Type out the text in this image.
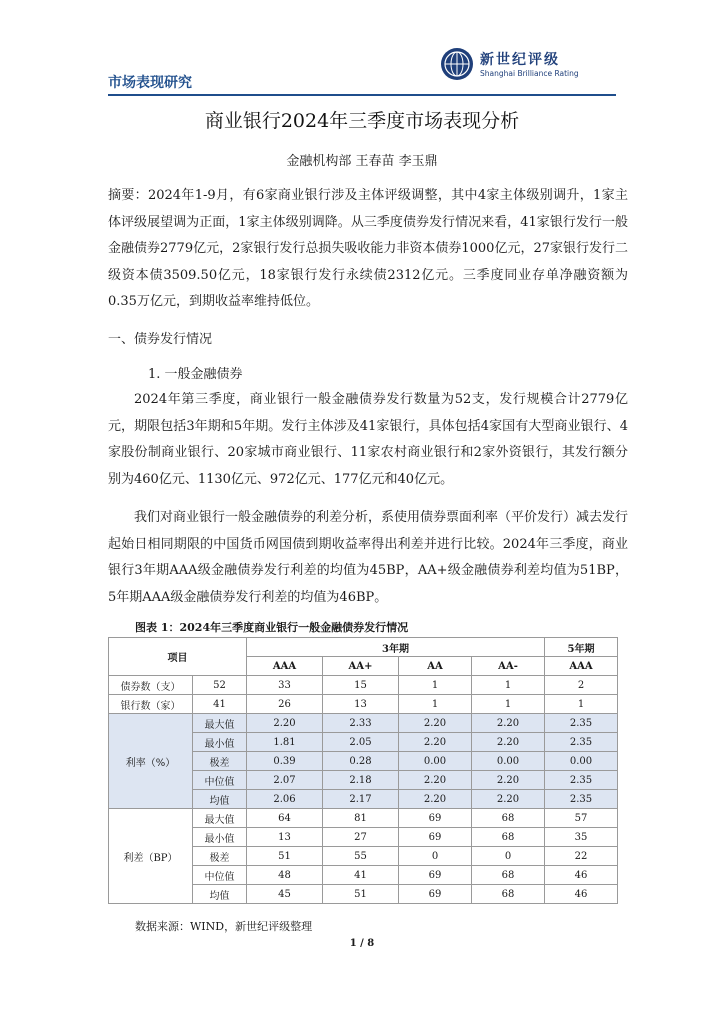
市场表现研究
新世纪评级
Shanghai Brilliance Rating
商业银行2024年三季度市场表现分析
金融机构部 王春苗 李玉鼎
摘要：2024年1-9月，有6家商业银行涉及主体评级调整，其中4家主体级别调升，1家主体评级展望调为正面，1家主体级别调降。从三季度债券发行情况来看，41家银行发行一般金融债券2779亿元，2家银行发行总损失吸收能力非资本债券1000亿元，27家银行发行二级资本债3509.50亿元，18家银行发行永续债2312亿元。三季度同业存单净融资额为0.35万亿元，到期收益率维持低位。
一、债券发行情况
1. 一般金融债券
2024年第三季度，商业银行一般金融债券发行数量为52支，发行规模合计2779亿元，期限包括3年期和5年期。发行主体涉及41家银行，具体包括4家国有大型商业银行、4家股份制商业银行、20家城市商业银行、11家农村商业银行和2家外资银行，其发行额分别为460亿元、1130亿元、972亿元、177亿元和40亿元。
我们对商业银行一般金融债券的利差分析，系使用债券票面利率（平价发行）减去发行起始日相同期限的中国货币网国债到期收益率得出利差并进行比较。2024年三季度，商业银行3年期AAA级金融债券发行利差的均值为45BP，AA+级金融债券利差均值为51BP，5年期AAA级金融债券发行利差的均值为46BP。
图表 1：2024年三季度商业银行一般金融债券发行情况
项目		3年期				5年期
		AAA	AA+	AA	AA-	AAA
债券数（支）	52	33	15	1	1	2
银行数（家）	41	26	13	1	1	1
利率（%）	最大值	2.20	2.33	2.20	2.20	2.35
	最小值	1.81	2.05	2.20	2.20	2.35
	极差	0.39	0.28	0.00	0.00	0.00
	中位值	2.07	2.18	2.20	2.20	2.35
	均值	2.06	2.17	2.20	2.20	2.35
利差（BP）	最大值	64	81	69	68	57
	最小值	13	27	69	68	35
	极差	51	55	0	0	22
	中位值	48	41	69	68	46
	均值	45	51	69	68	46
数据来源：WIND，新世纪评级整理
1 / 8
